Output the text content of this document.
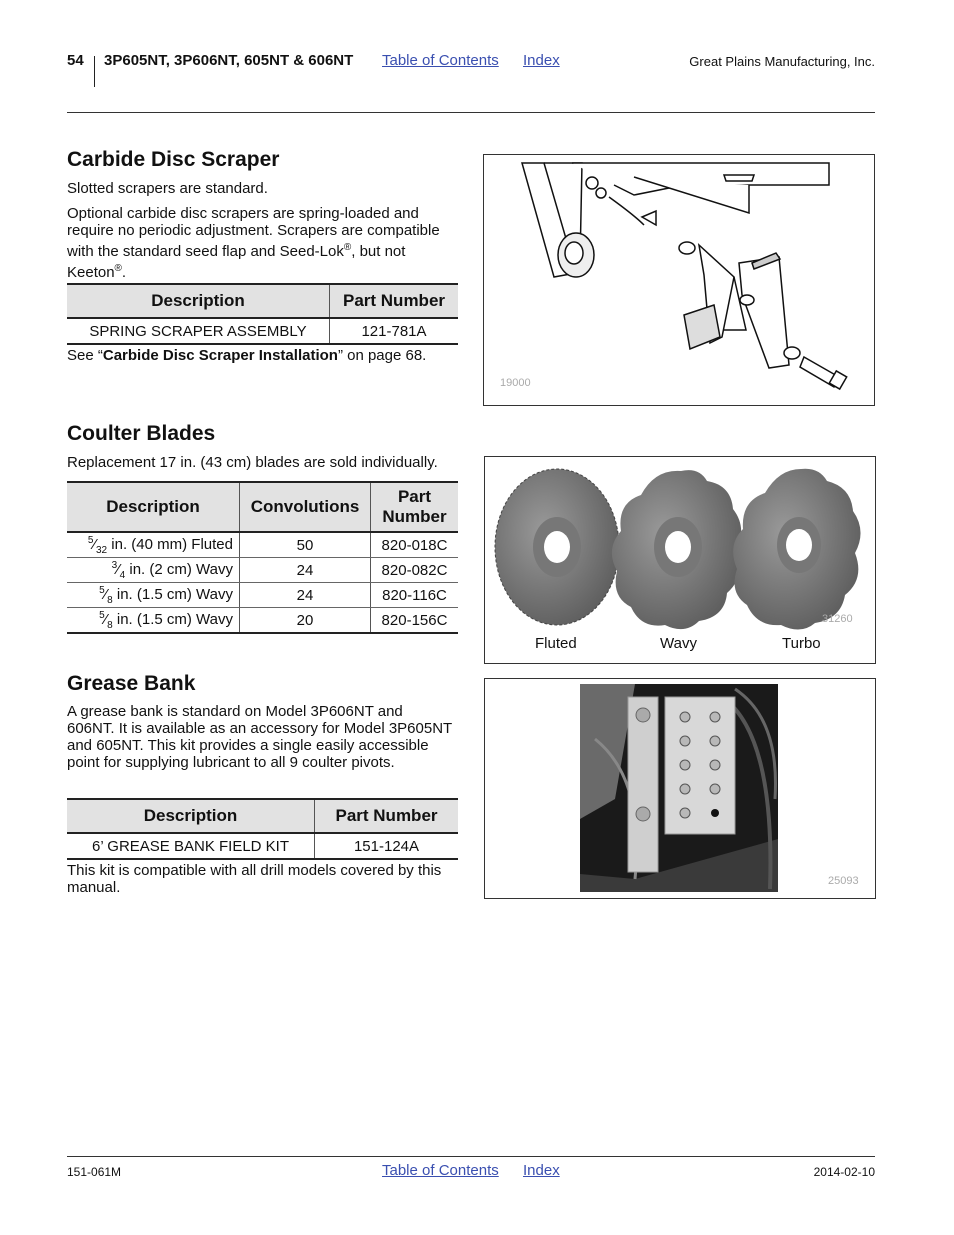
54 3P605NT, 3P606NT, 605NT & 606NT Table of Contents Index	Great Plains Manufacturing, Inc.
Carbide Disc Scraper
Slotted scrapers are standard.
Optional carbide disc scrapers are spring-loaded and require no periodic adjustment. Scrapers are compatible with the standard seed flap and Seed-Lok®, but not Keeton®.
Description	Part Number
SPRING SCRAPER ASSEMBLY	121-781A
See “Carbide Disc Scraper Installation” on page 68.
19000
Coulter Blades
Replacement 17 in. (43 cm) blades are sold individually.
Description	Convolutions	Part Number
$^5⁄_{32}$ in. (40 mm) Fluted	50	820-018C
$^3⁄_4$ in. (2 cm) Wavy	24	820-082C
$^5⁄_8$ in. (1.5 cm) Wavy	24	820-116C
$^5⁄_8$ in. (1.5 cm) Wavy	20	820-156C	31260
Fluted	Wavy	Turbo
Grease Bank
A grease bank is standard on Model 3P606NT and 606NT. It is available as an accessory for Model 3P605NT and 605NT. This kit provides a single easily accessible point for supplying lubricant to all 9 coulter pivots.
Description	Part Number
6’ GREASE BANK FIELD KIT	151-124A
This kit is compatible with all drill models covered by this manual.	25093
151-061M	Table of Contents Index	2014-02-10
